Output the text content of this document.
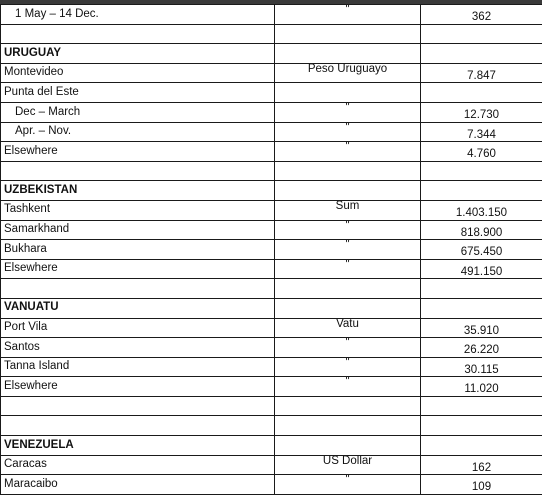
1 May – 14 Dec.	"	362

URUGUAY		
Montevideo	Peso Uruguayo	7.847
Punta del Este		
Dec – March	"	12.730
Apr. – Nov.	"	7.344
Elsewhere	"	4.760

UZBEKISTAN		
Tashkent	Sum	1.403.150
Samarkhand	"	818.900
Bukhara	"	675.450
Elsewhere	"	491.150

VANUATU		
Port Vila	Vatu	35.910
Santos	"	26.220
Tanna Island	"	30.115
Elsewhere	"	11.020

VENEZUELA		
Caracas	US Dollar	162
Maracaibo	"	109
